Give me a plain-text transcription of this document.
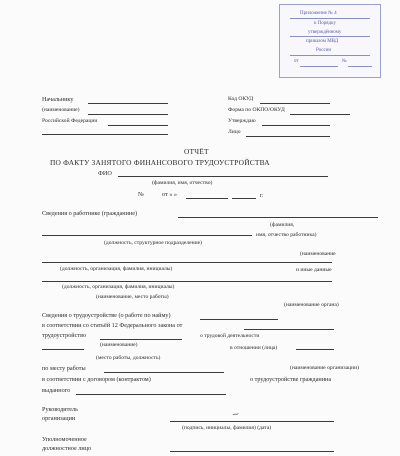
Приложение № 4
к Порядку
утверждённому
приказом МВД
России
от	№
Начальнику
(наименование)
Российской Федерации
Код ОКУД
Форма по ОКПО/ОКУД
Утверждаю
Лицо
ОТЧЁТ
ПО ФАКТУ ЗАНЯТОГО ФИНАНСОВОГО ТРУДОУСТРОЙСТВА
ФИО
(фамилия, имя, отчество)
№	от « »	г.
Сведения о работнике (гражданине)
(фамилия,
имя, отчество работника)
(должность, структурное подразделение)
(наименование
(должность, организация, фамилия, инициалы)	и иные данные
(должность, организация, фамилия, инициалы)
(наименование, место работы)
(наименование органа)
Сведения о трудоустройстве (о работе по найму)
в соответствии со статьёй 12 Федерального закона от
трудоустройство	о трудовой деятельности
(наименование)	в отношении (лица)
(место работы, должность)
по месту работы	(наименование организации)
в соответствии с договором (контрактом)	о трудоустройстве гражданина
выданного
Руководитель
организации
(подпись, инициалы, фамилия) (дата)
~
Уполномоченное
должностное лицо
